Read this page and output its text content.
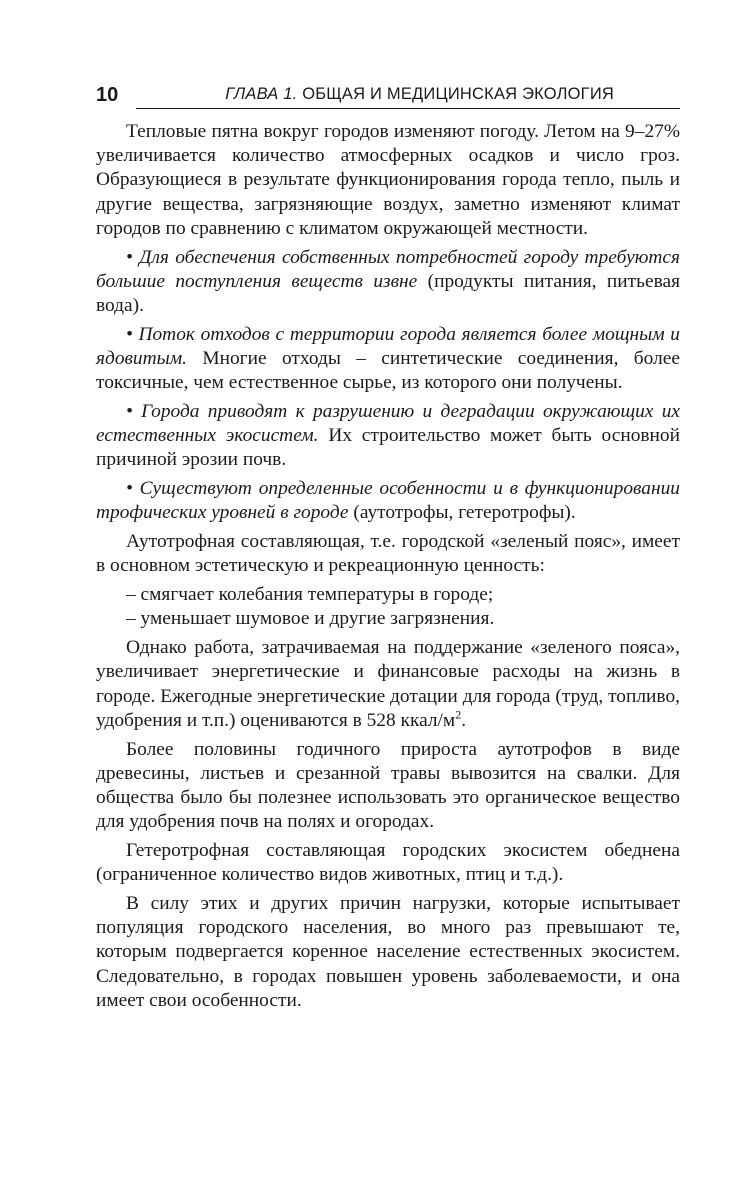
10	ГЛАВА 1. ОБЩАЯ И МЕДИЦИНСКАЯ ЭКОЛОГИЯ

Тепловые пятна вокруг городов изменяют погоду. Летом на 9–27% увеличивается количество атмосферных осадков и число гроз. Образующиеся в результате функционирования города тепло, пыль и другие вещества, загрязняющие воздух, заметно изменяют климат городов по сравнению с климатом окружающей местности.

• Для обеспечения собственных потребностей городу требуются большие поступления веществ извне (продукты питания, питьевая вода).

• Поток отходов с территории города является более мощным и ядовитым. Многие отходы – синтетические соединения, более токсичные, чем естественное сырье, из которого они получены.

• Города приводят к разрушению и деградации окружающих их естественных экосистем. Их строительство может быть основной причиной эрозии почв.

• Существуют определенные особенности и в функционировании трофических уровней в городе (аутотрофы, гетеротрофы).

Аутотрофная составляющая, т.е. городской «зеленый пояс», имеет в основном эстетическую и рекреационную ценность:

– смягчает колебания температуры в городе;

– уменьшает шумовое и другие загрязнения.

Однако работа, затрачиваемая на поддержание «зеленого пояса», увеличивает энергетические и финансовые расходы на жизнь в городе. Ежегодные энергетические дотации для города (труд, топливо, удобрения и т.п.) оцениваются в 528 ккал/$м^2$.

Более половины годичного прироста аутотрофов в виде древесины, листьев и срезанной травы вывозится на свалки. Для общества было бы полезнее использовать это органическое вещество для удобрения почв на полях и огородах.

Гетеротрофная составляющая городских экосистем обеднена (ограниченное количество видов животных, птиц и т.д.).

В силу этих и других причин нагрузки, которые испытывает популяция городского населения, во много раз превышают те, которым подвергается коренное население естественных экосистем. Следовательно, в городах повышен уровень заболеваемости, и она имеет свои особенности.
